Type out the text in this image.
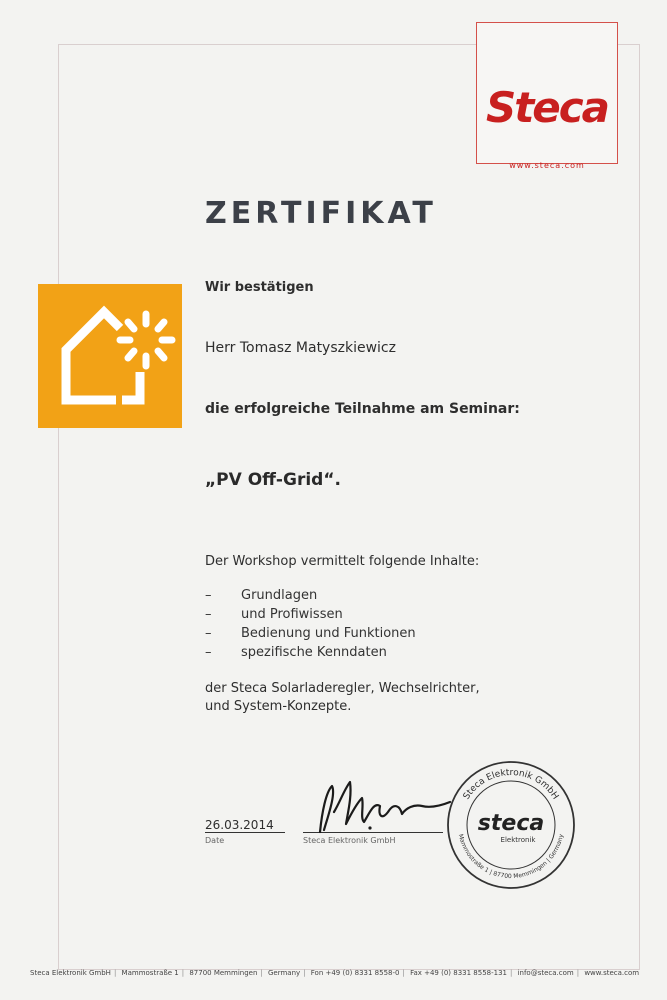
Steca
www.steca.com
ZERTIFIKAT
Wir bestätigen
Herr Tomasz Matyszkiewicz
die erfolgreiche Teilnahme am Seminar:
„PV Off-Grid“.
Der Workshop vermittelt folgende Inhalte:
– Grundlagen
– und Profiwissen
– Bedienung und Funktionen
– spezifische Kenndaten
der Steca Solarladeregler, Wechselrichter,
und System-Konzepte.
26.03.2014
Date	Steca Elektronik GmbH
Steca Elektronik GmbH
Mammostraße 1 | 87700 Memmingen | Germany
steca
Elektronik
Steca Elektronik GmbH | Mammostraße 1 | 87700 Memmingen | Germany | Fon +49 (0) 8331 8558-0 | Fax +49 (0) 8331 8558-131 | info@steca.com | www.steca.com
